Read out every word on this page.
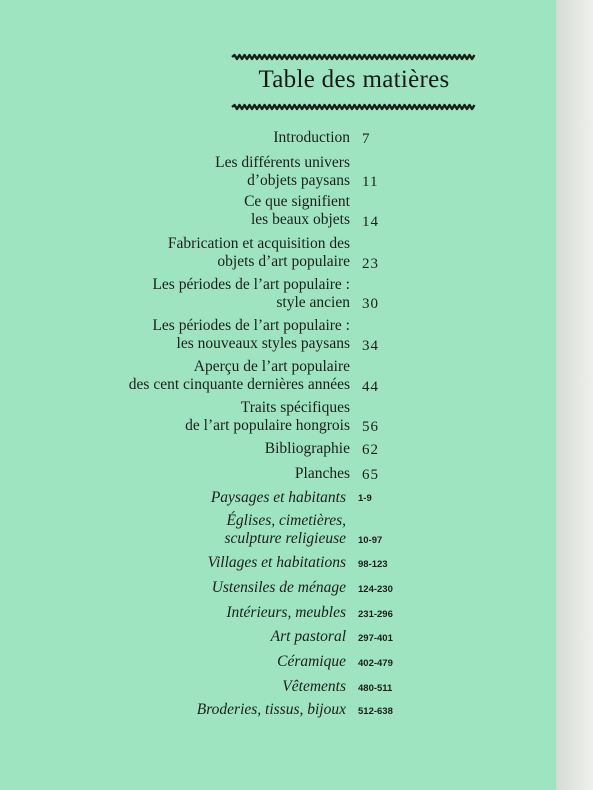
Table des matières
Introduction 7
Les différents univers
d’objets paysans 11
Ce que signifient
les beaux objets 14
Fabrication et acquisition des
objets d’art populaire 23
Les périodes de l’art populaire :
style ancien 30
Les périodes de l’art populaire :
les nouveaux styles paysans 34
Aperçu de l’art populaire
des cent cinquante dernières années 44
Traits spécifiques
de l’art populaire hongrois 56
Bibliographie 62
Planches 65
Paysages et habitants 1-9
Églises, cimetières,
sculpture religieuse 10-97
Villages et habitations 98-123
Ustensiles de ménage 124-230
Intérieurs, meubles 231-296
Art pastoral 297-401
Céramique 402-479
Vêtements 480-511
Broderies, tissus, bijoux 512-638
